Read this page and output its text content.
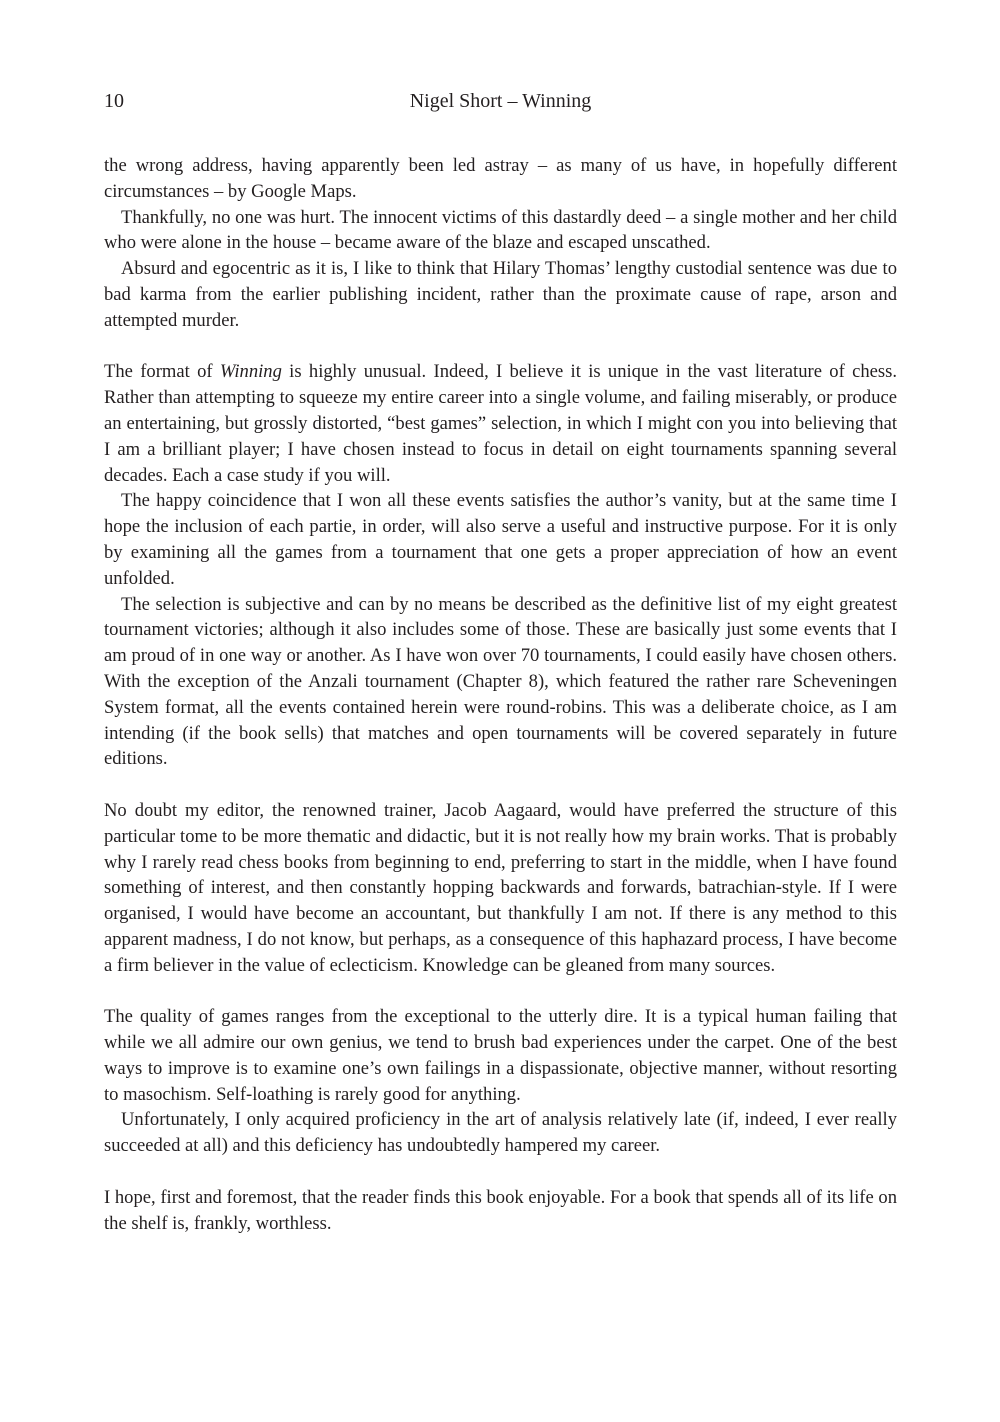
10	Nigel Short – Winning

the wrong address, having apparently been led astray – as many of us have, in hopefully different circumstances – by Google Maps.

Thankfully, no one was hurt. The innocent victims of this dastardly deed – a single mother and her child who were alone in the house – became aware of the blaze and escaped unscathed.

Absurd and egocentric as it is, I like to think that Hilary Thomas’ lengthy custodial sentence was due to bad karma from the earlier publishing incident, rather than the proximate cause of rape, arson and attempted murder.

The format of Winning is highly unusual. Indeed, I believe it is unique in the vast literature of chess. Rather than attempting to squeeze my entire career into a single volume, and failing miserably, or produce an entertaining, but grossly distorted, “best games” selection, in which I might con you into believing that I am a brilliant player; I have chosen instead to focus in detail on eight tournaments spanning several decades. Each a case study if you will.

The happy coincidence that I won all these events satisfies the author’s vanity, but at the same time I hope the inclusion of each partie, in order, will also serve a useful and instructive purpose. For it is only by examining all the games from a tournament that one gets a proper appreciation of how an event unfolded.

The selection is subjective and can by no means be described as the definitive list of my eight greatest tournament victories; although it also includes some of those. These are basically just some events that I am proud of in one way or another. As I have won over 70 tournaments, I could easily have chosen others. With the exception of the Anzali tournament (Chapter 8), which featured the rather rare Scheveningen System format, all the events contained herein were round-robins. This was a deliberate choice, as I am intending (if the book sells) that matches and open tournaments will be covered separately in future editions.

No doubt my editor, the renowned trainer, Jacob Aagaard, would have preferred the structure of this particular tome to be more thematic and didactic, but it is not really how my brain works. That is probably why I rarely read chess books from beginning to end, preferring to start in the middle, when I have found something of interest, and then constantly hopping backwards and forwards, batrachian-style. If I were organised, I would have become an accountant, but thankfully I am not. If there is any method to this apparent madness, I do not know, but perhaps, as a consequence of this haphazard process, I have become a firm believer in the value of eclecticism. Knowledge can be gleaned from many sources.

The quality of games ranges from the exceptional to the utterly dire. It is a typical human failing that while we all admire our own genius, we tend to brush bad experiences under the carpet. One of the best ways to improve is to examine one’s own failings in a dispassionate, objective manner, without resorting to masochism. Self-loathing is rarely good for anything.

Unfortunately, I only acquired proficiency in the art of analysis relatively late (if, indeed, I ever really succeeded at all) and this deficiency has undoubtedly hampered my career.

I hope, first and foremost, that the reader finds this book enjoyable. For a book that spends all of its life on the shelf is, frankly, worthless.
